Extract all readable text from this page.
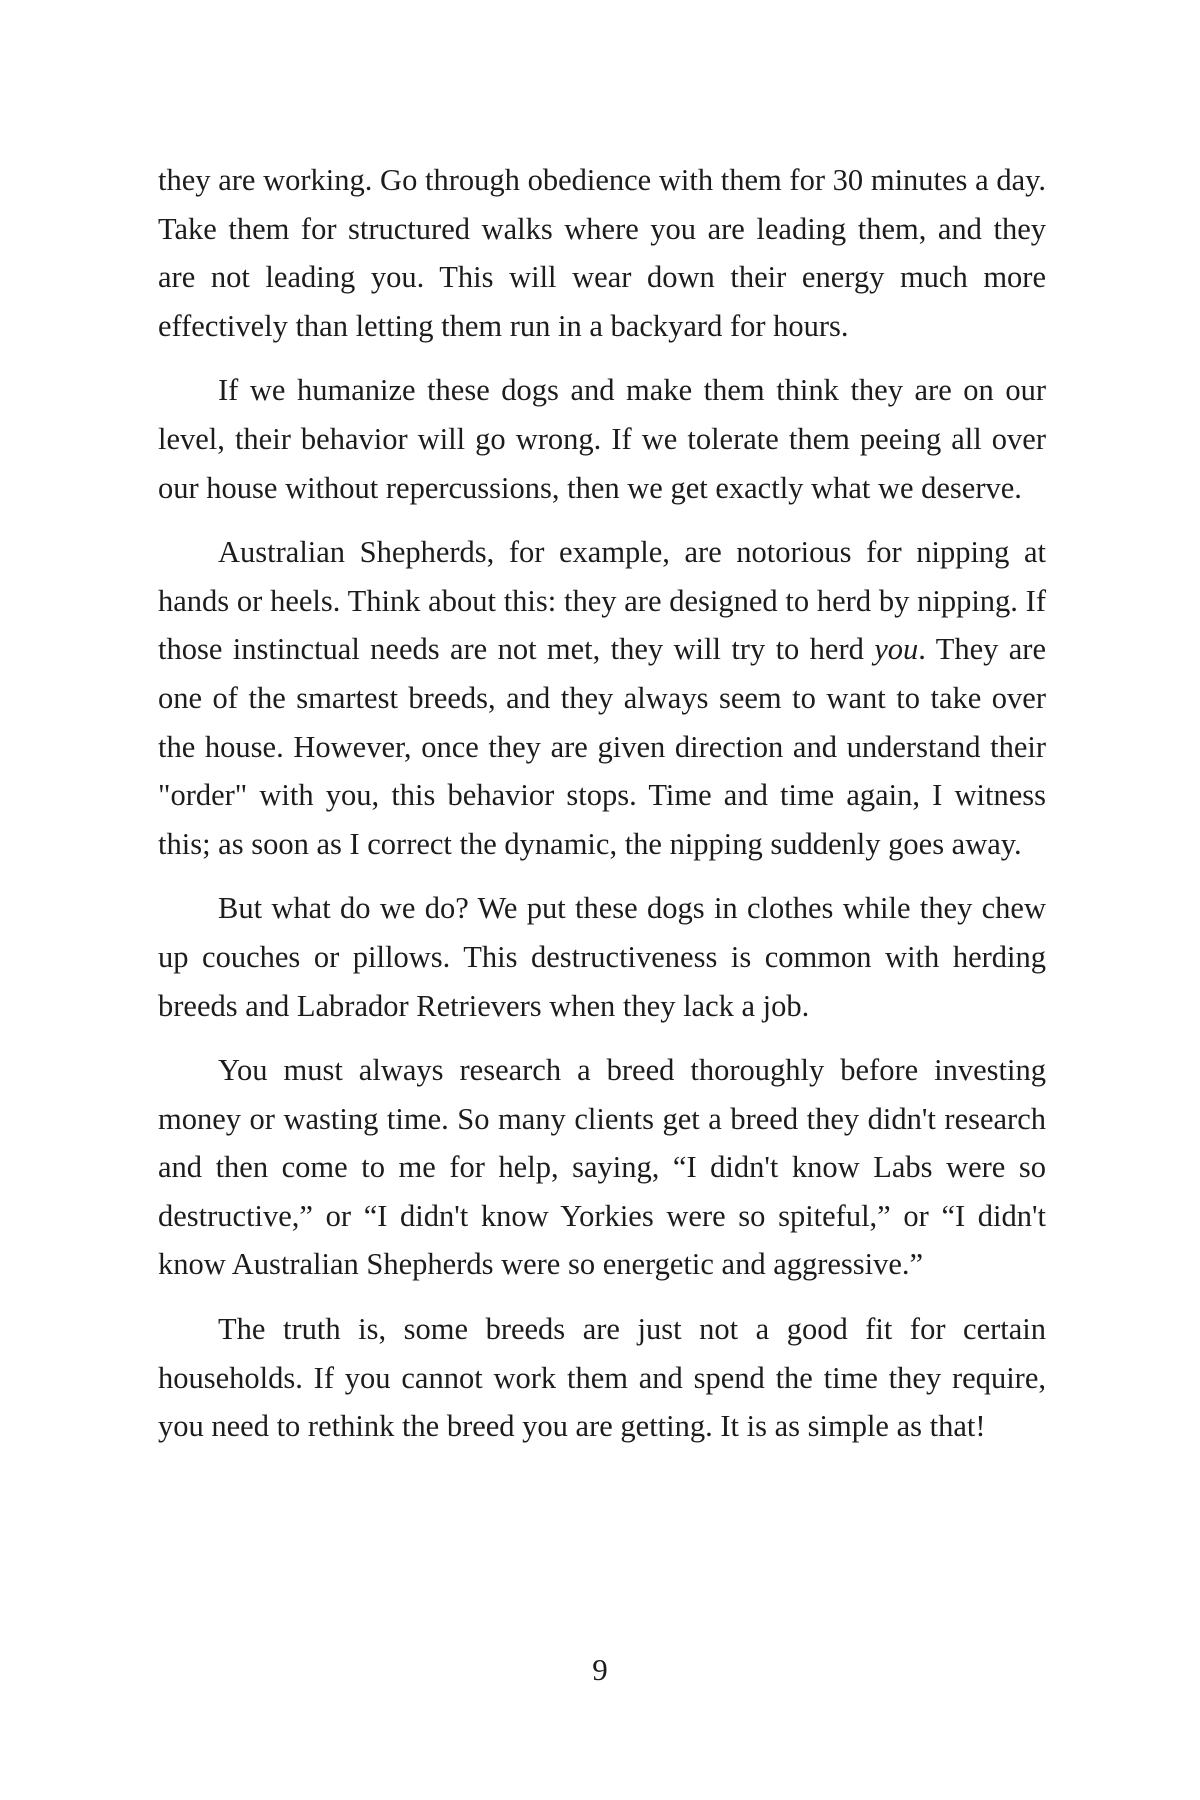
they are working. Go through obedience with them for 30 minutes a day. Take them for structured walks where you are leading them, and they are not leading you. This will wear down their energy much more effectively than letting them run in a backyard for hours.

If we humanize these dogs and make them think they are on our level, their behavior will go wrong. If we tolerate them peeing all over our house without repercussions, then we get exactly what we deserve.

Australian Shepherds, for example, are notorious for nipping at hands or heels. Think about this: they are designed to herd by nipping. If those instinctual needs are not met, they will try to herd you. They are one of the smartest breeds, and they always seem to want to take over the house. However, once they are given direction and understand their "order" with you, this behavior stops. Time and time again, I witness this; as soon as I correct the dynamic, the nipping suddenly goes away.

But what do we do? We put these dogs in clothes while they chew up couches or pillows. This destructiveness is common with herding breeds and Labrador Retrievers when they lack a job.

You must always research a breed thoroughly before investing money or wasting time. So many clients get a breed they didn't research and then come to me for help, saying, “I didn't know Labs were so destructive,” or “I didn't know Yorkies were so spiteful,” or “I didn't know Australian Shepherds were so energetic and aggressive.”

The truth is, some breeds are just not a good fit for certain households. If you cannot work them and spend the time they require, you need to rethink the breed you are getting. It is as simple as that!

9
